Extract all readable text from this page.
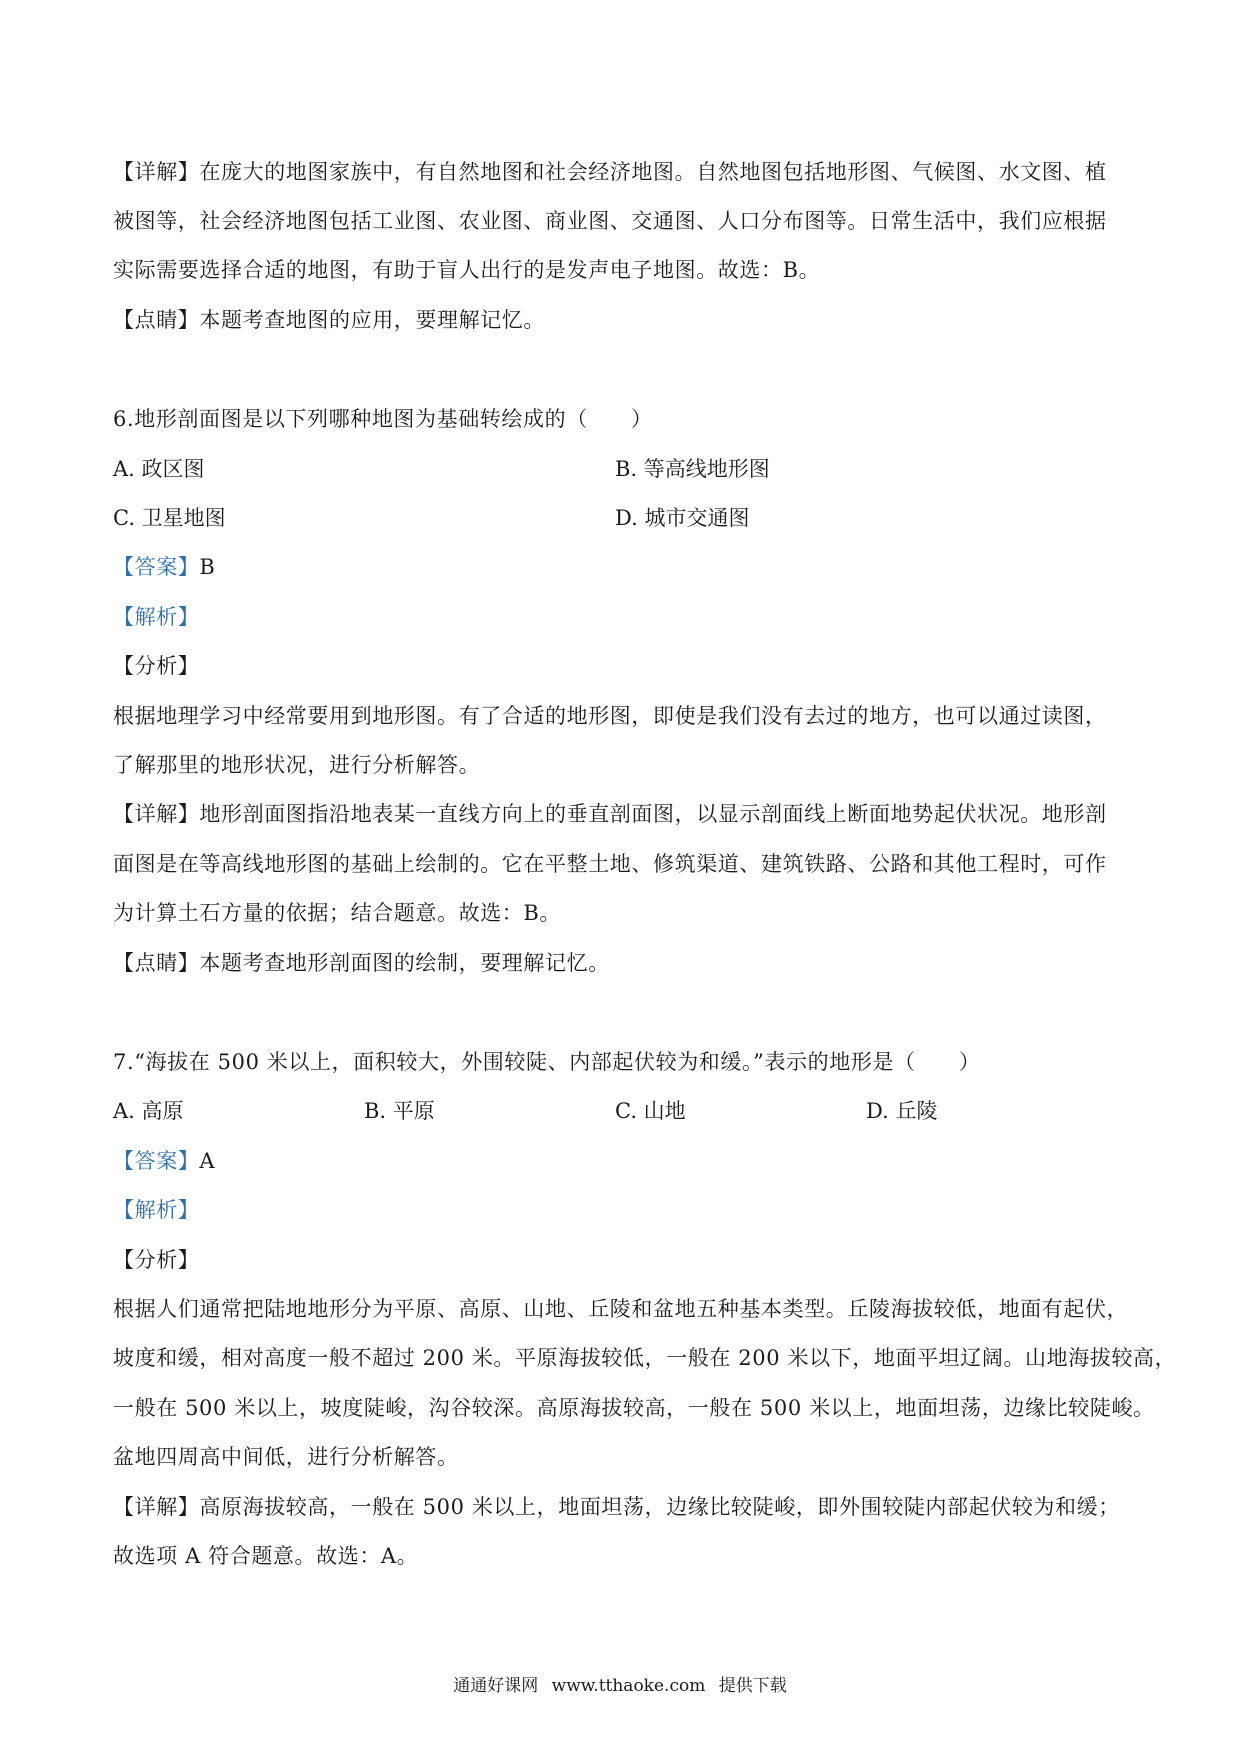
【详解】在庞大的地图家族中，有自然地图和社会经济地图。自然地图包括地形图、气候图、水文图、植
被图等，社会经济地图包括工业图、农业图、商业图、交通图、人口分布图等。日常生活中，我们应根据
实际需要选择合适的地图，有助于盲人出行的是发声电子地图。故选：B。
【点睛】本题考查地图的应用，要理解记忆。
6.地形剖面图是以下列哪种地图为基础转绘成的（　　）
A. 政区图	B. 等高线地形图
C. 卫星地图	D. 城市交通图
【答案】B
【解析】
【分析】
根据地理学习中经常要用到地形图。有了合适的地形图，即使是我们没有去过的地方，也可以通过读图，
了解那里的地形状况，进行分析解答。
【详解】地形剖面图指沿地表某一直线方向上的垂直剖面图，以显示剖面线上断面地势起伏状况。地形剖
面图是在等高线地形图的基础上绘制的。它在平整土地、修筑渠道、建筑铁路、公路和其他工程时，可作
为计算土石方量的依据；结合题意。故选：B。
【点睛】本题考查地形剖面图的绘制，要理解记忆。
7.“海拔在 500 米以上，面积较大，外围较陡、内部起伏较为和缓。”表示的地形是（　　）
A. 高原	B. 平原	C. 山地	D. 丘陵
【答案】A
【解析】
【分析】
根据人们通常把陆地地形分为平原、高原、山地、丘陵和盆地五种基本类型。丘陵海拔较低，地面有起伏，
坡度和缓，相对高度一般不超过 200 米。平原海拔较低，一般在 200 米以下，地面平坦辽阔。山地海拔较高，
一般在 500 米以上，坡度陡峻，沟谷较深。高原海拔较高，一般在 500 米以上，地面坦荡，边缘比较陡峻。
盆地四周高中间低，进行分析解答。
【详解】高原海拔较高，一般在 500 米以上，地面坦荡，边缘比较陡峻，即外围较陡内部起伏较为和缓；
故选项 A 符合题意。故选：A。
通通好课网 www.tthaoke.com 提供下载
